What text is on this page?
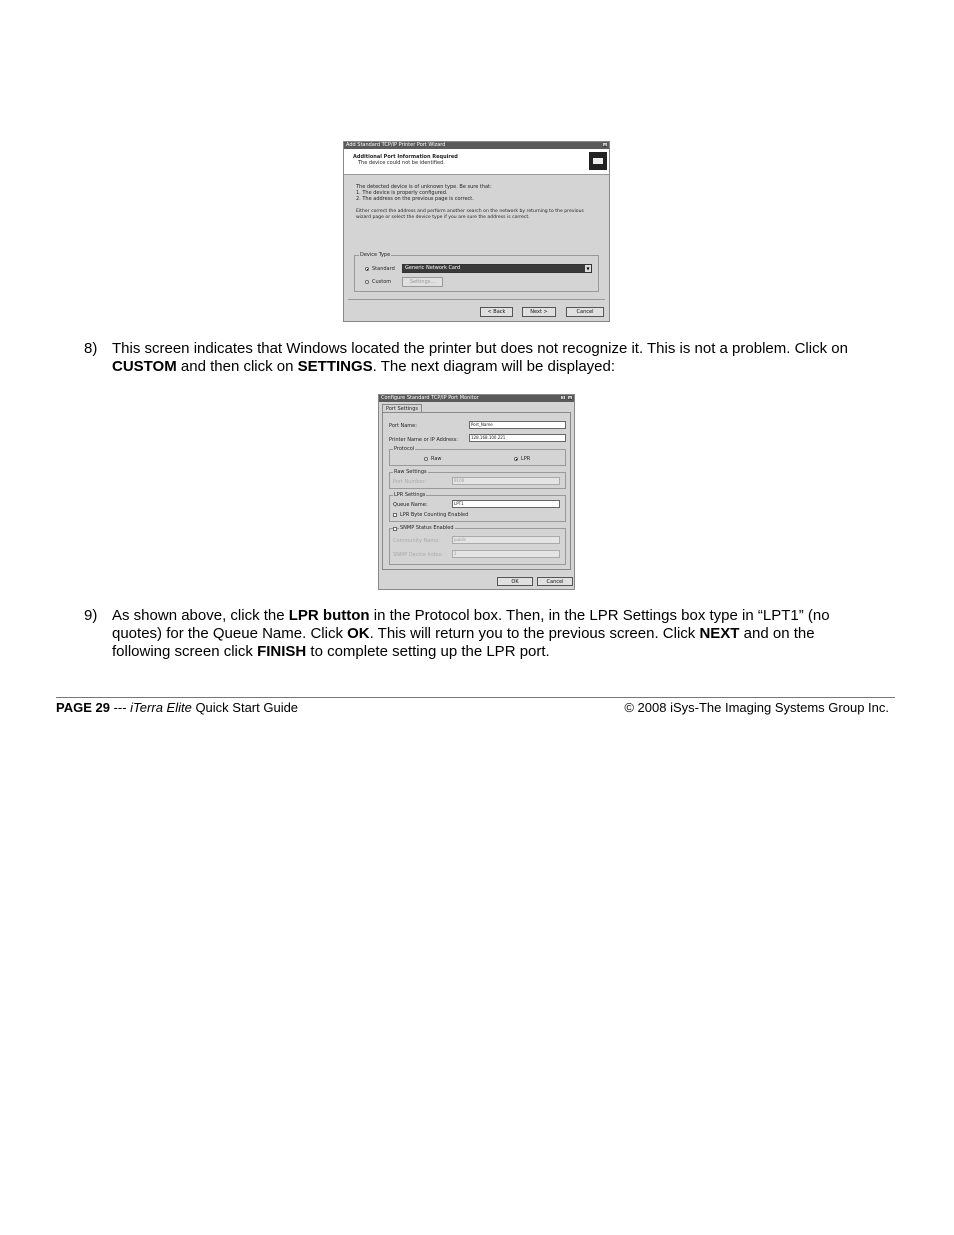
Add Standard TCP/IP Printer Port Wizard	×
Additional Port Information Required
The device could not be identified.
The detected device is of unknown type. Be sure that:
1. The device is properly configured.
2. The address on the previous page is correct.
Either correct the address and perform another search on the network by returning to the previous
wizard page or select the device type if you are sure the address is correct.
Device Type
Standard	Generic Network Card	▼
Custom	Settings...
< Back	Next >	Cancel
8) This screen indicates that Windows located the printer but does not recognize it. This is not a problem. Click on
CUSTOM and then click on SETTINGS. The next diagram will be displayed:
Configure Standard TCP/IP Port Monitor	?	×
Port Settings
Port Name:	Port_Name
Printer Name or IP Address:	128.168.100.221
Protocol
Raw	LPR
Raw Settings
Port Number:	9100
LPR Settings
Queue Name:	LPT1
LPR Byte Counting Enabled
SNMP Status Enabled
Community Name:	public
SNMP Device Index:	1
OK	Cancel
9) As shown above, click the LPR button in the Protocol box. Then, in the LPR Settings box type in “LPT1” (no
quotes) for the Queue Name. Click OK. This will return you to the previous screen. Click NEXT and on the
following screen click FINISH to complete setting up the LPR port.
PAGE 29 --- iTerra Elite Quick Start Guide	© 2008 iSys-The Imaging Systems Group Inc.
